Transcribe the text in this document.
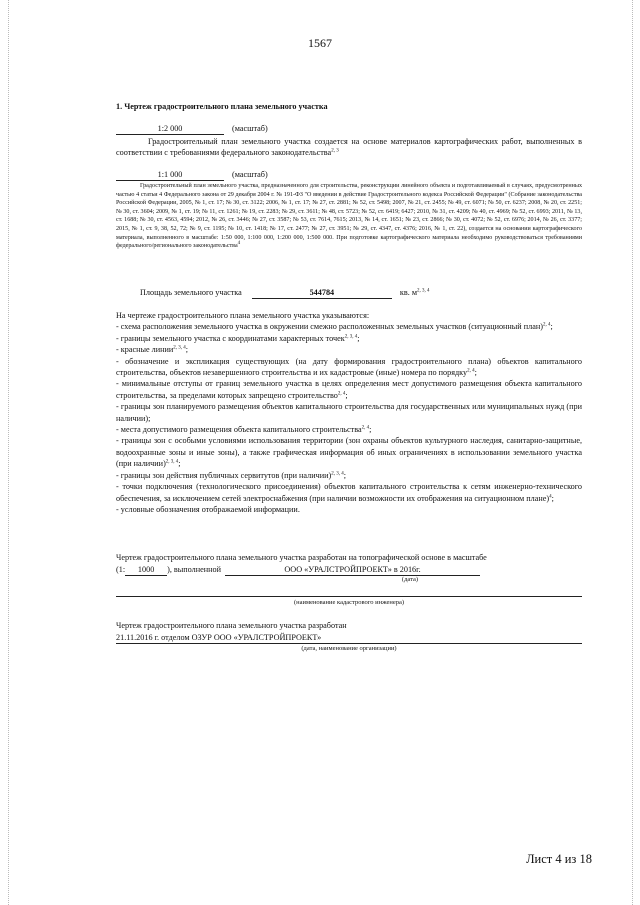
1567
1. Чертеж градостроительного плана земельного участка
1:2 000	(масштаб)
Градостроительный план земельного участка создается на основе материалов картографических работ, выполненных в соответствии с требованиями федерального законодательства$^{2, 3}$
1:1 000	(масштаб)
Градостроительный план земельного участка, предназначенного для строительства, реконструкции линейного объекта и подготавливаемый в случаях, предусмотренных частью 4 статьи 4 Федерального закона от 29 декабря 2004 г. № 191-ФЗ "О введении в действие Градостроительного кодекса Российской Федерации" (Собрание законодательства Российской Федерации, 2005, № 1, ст. 17; № 30, ст. 3122; 2006, № 1, ст. 17; № 27, ст. 2881; № 52, ст. 5498; 2007, № 21, ст. 2455; № 49, ст. 6071; № 50, ст. 6237; 2008, № 20, ст. 2251; № 30, ст. 3604; 2009, № 1, ст. 19; № 11, ст. 1261; № 19, ст. 2283; № 29, ст. 3611; № 48, ст. 5723; № 52, ст. 6419; 6427; 2010, № 31, ст. 4209; № 40, ст. 4969; № 52, ст. 6993; 2011, № 13, ст. 1688; № 30, ст. 4563, 4594; 2012, № 26, ст. 3446; № 27, ст. 3587; № 53, ст. 7614, 7615; 2013, № 14, ст. 1651; № 23, ст. 2866; № 30, ст. 4072; № 52, ст. 6976; 2014, № 26, ст. 3377; 2015, № 1, ст. 9, 38, 52, 72; № 9, ст. 1195; № 10, ст. 1418; № 17, ст. 2477; № 27, ст. 3951; № 29, ст. 4347, ст. 4376; 2016, № 1, ст. 22), создается на основании картографического материала, выполненного в масштабе: 1:50 000, 1:100 000, 1:200 000, 1:500 000. При подготовке картографического материала необходимо руководствоваться требованиями федерального/регионального законодательства$^4$
Площадь земельного участка	544784	кв. $м^{2, 3, 4}$
На чертеже градостроительного плана земельного участка указываются:
- схема расположения земельного участка в окружении смежно расположенных земельных участков (ситуационный план)$^{2, 4}$;
- границы земельного участка с координатами характерных точек$^{2, 3, 4}$;
- красные линии$^{2, 3, 4}$;
- обозначение и экспликация существующих (на дату формирования градостроительного плана) объектов капитального строительства, объектов незавершенного строительства и их кадастровые (иные) номера по порядку$^{2, 4}$;
- минимальные отступы от границ земельного участка в целях определения мест допустимого размещения объекта капитального строительства, за пределами которых запрещено строительство$^{2, 4}$;
- границы зон планируемого размещения объектов капитального строительства для государственных или муниципальных нужд (при наличии);
- места допустимого размещения объекта капитального строительства$^{2, 4}$;
- границы зон с особыми условиями использования территории (зон охраны объектов культурного наследия, санитарно-защитные, водоохранные зоны и иные зоны), а также графическая информация об иных ограничениях в использовании земельного участка (при наличии)$^{2, 3, 4}$;
- границы зон действия публичных сервитутов (при наличии)$^{2, 3, 4}$;
- точки подключения (технологического присоединения) объектов капитального строительства к сетям инженерно-технического обеспечения, за исключением сетей электроснабжения (при наличии возможности их отображения на ситуационном плане)$^4$;
- условные обозначения отображаемой информации.
Чертеж градостроительного плана земельного участка разработан на топографической основе в масштабе
(1: 1000 ), выполненной	ООО «УРАЛСТРОЙПРОЕКТ» в 2016г.
(дата)
(наименование кадастрового инженера)
Чертеж градостроительного плана земельного участка разработан
21.11.2016 г. отделом ОЗУР ООО «УРАЛСТРОЙПРОЕКТ»
(дата, наименование организации)
Лист 4 из 18
